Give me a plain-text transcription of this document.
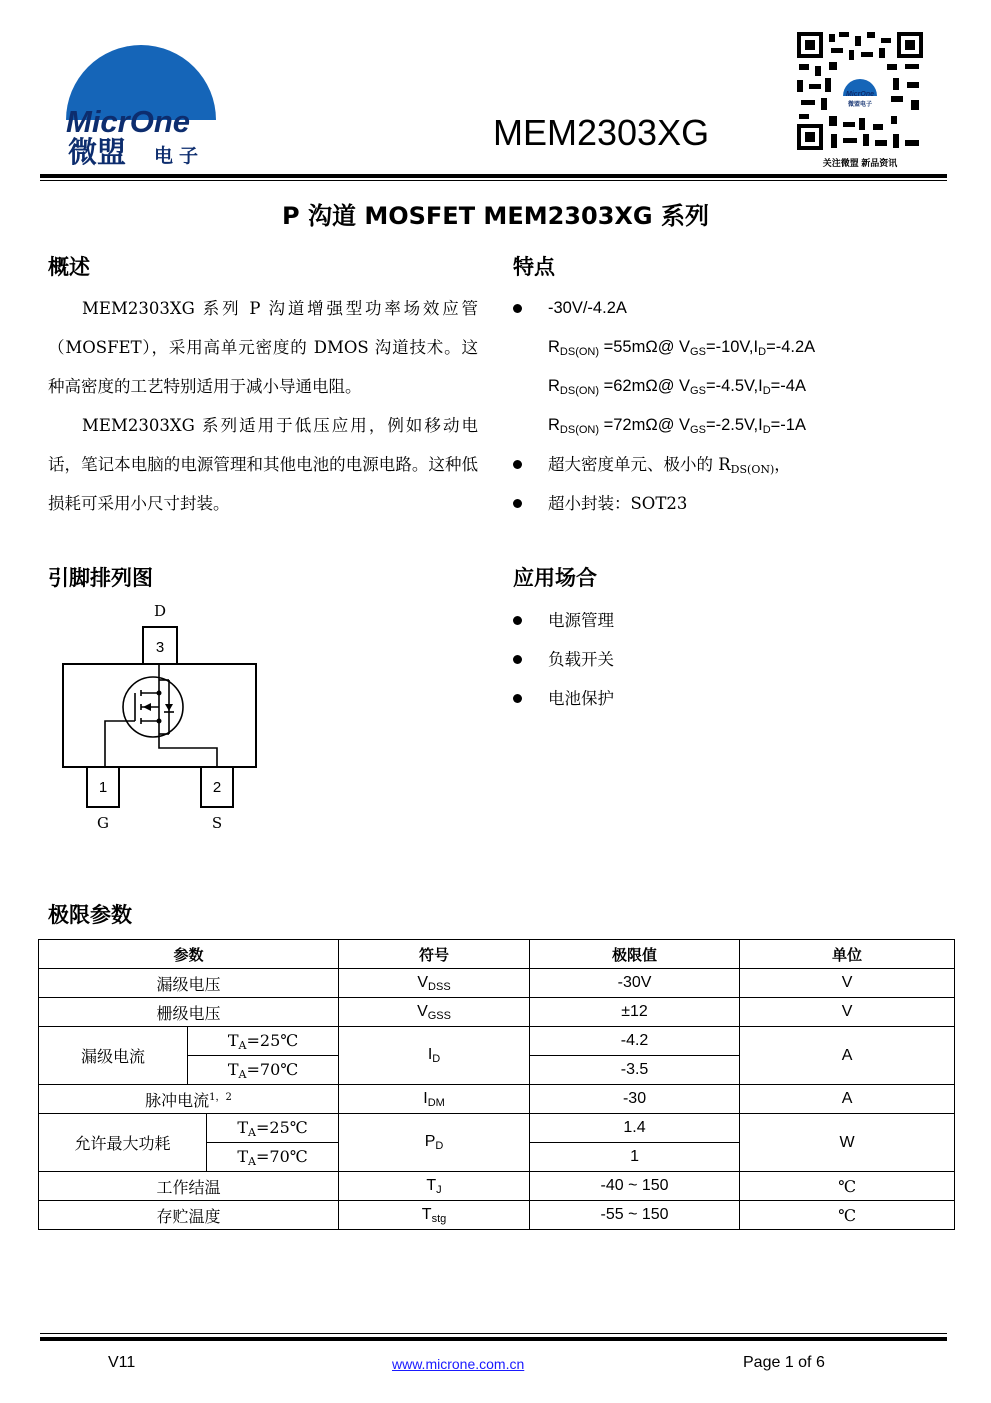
MicrOne
微盟 电子
MEM2303XG
MicrOne
微盟电子
关注微盟 新品资讯
P 沟道 MOSFET MEM2303XG 系列
概述
MEM2303XG 系列 P 沟道增强型功率场效应管（MOSFET），采用高单元密度的 DMOS 沟道技术。这种高密度的工艺特别适用于减小导通电阻。
MEM2303XG 系列适用于低压应用，例如移动电话，笔记本电脑的电源管理和其他电池的电源电路。这种低损耗可采用小尺寸封装。
特点
-30V/-4.2A
$R_{DS(ON)}$ =55mΩ@ $V_{GS}=-10V,I_D=-4.2A$
$R_{DS(ON)}$ =62mΩ@ $V_{GS}=-4.5V,I_D=-4A$
$R_{DS(ON)}$ =72mΩ@ $V_{GS}=-2.5V,I_D=-1A$
超大密度单元、极小的 $R_{DS(ON)}$，
超小封装：SOT23
引脚排列图
3
D
1
G
2
S
应用场合
电源管理
负载开关
电池保护
极限参数
参数			符号	极限值	单位
漏级电压			$V_{DSS}$	-30V	V
栅级电压			$V_{GSS}$	±12	V
漏级电流	$T_A=25℃$		$I_D$	-4.2	A
	$T_A=70℃$			-3.5	
脉冲电流$^{1,2}$			$I_{DM}$	-30	A
允许最大功耗		$T_A=25℃$	$P_D$	1.4	W
		$T_A=70℃$		1	
工作结温			$T_J$	-40 ~ 150	℃
存贮温度			$T_{stg}$	-55 ~ 150	℃
V11	www.microne.com.cn	Page 1 of 6
